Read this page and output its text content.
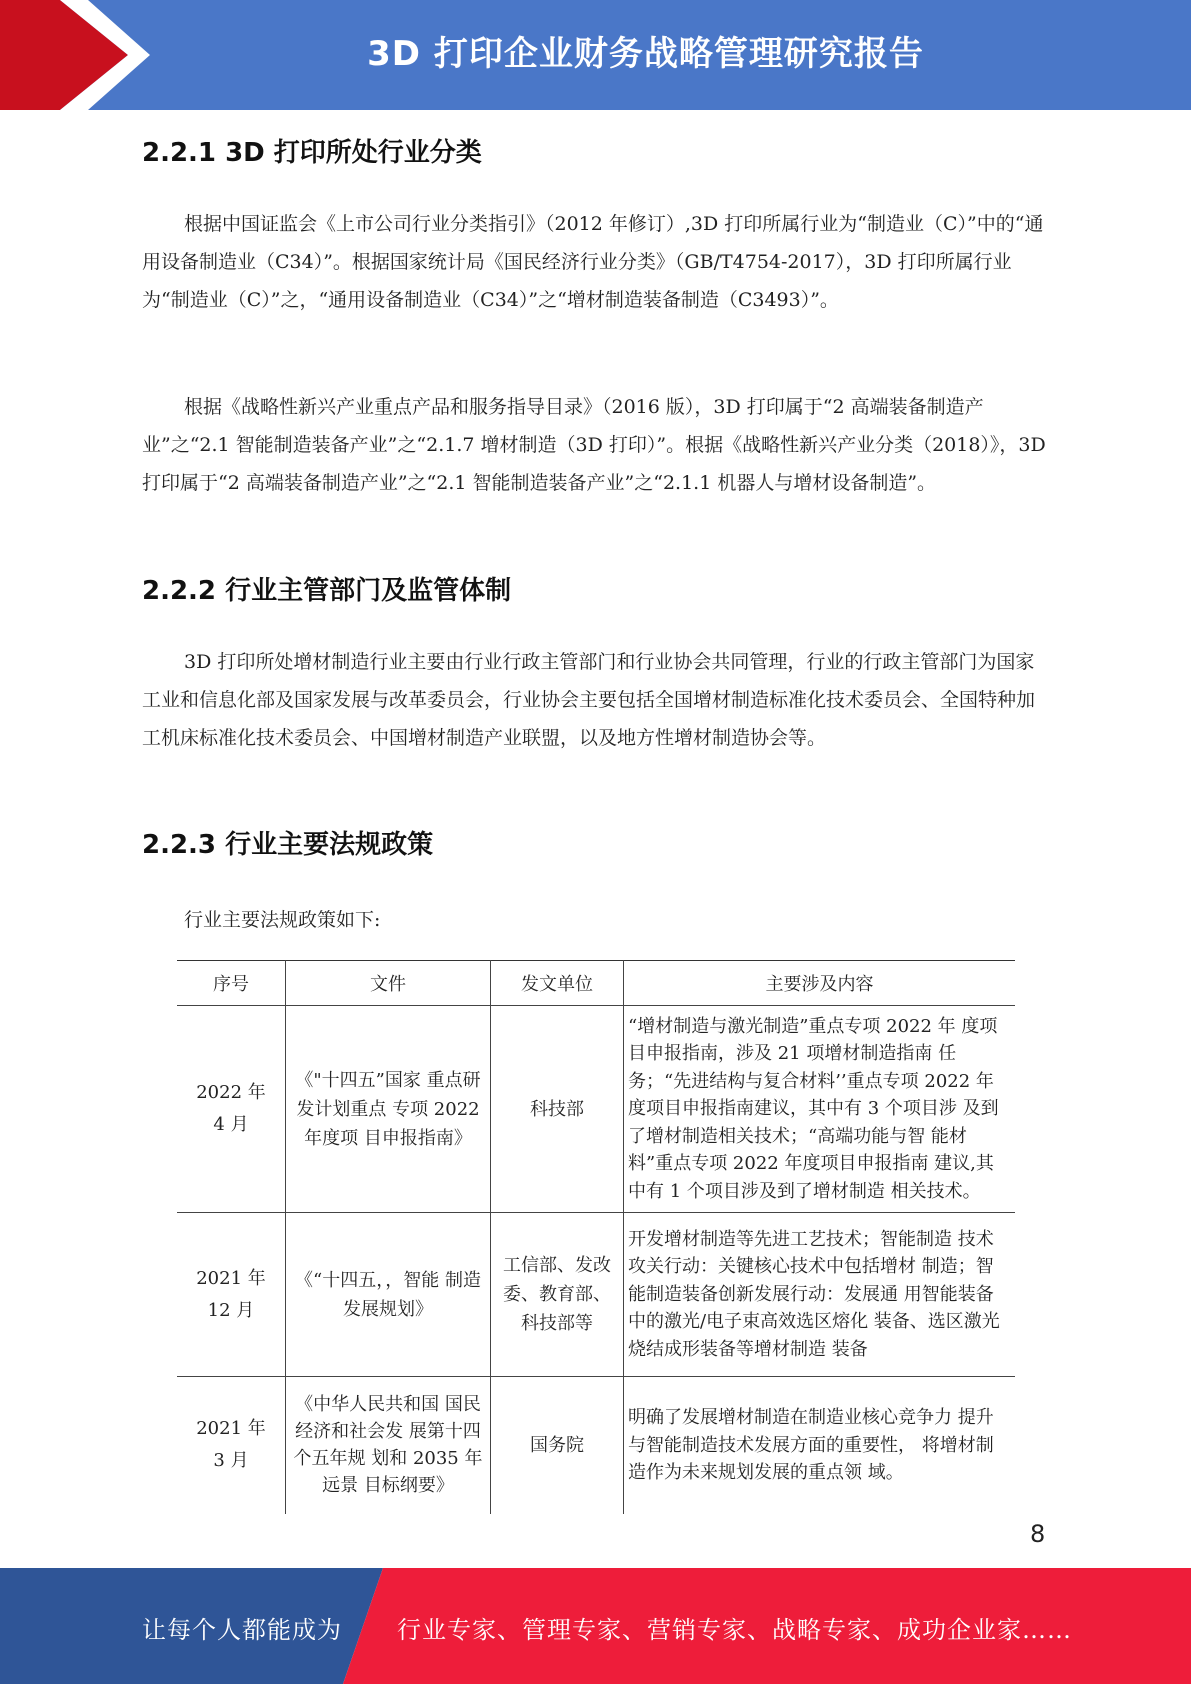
3D 打印企业财务战略管理研究报告
2.2.1 3D 打印所处行业分类

根据中国证监会《上市公司行业分类指引》（2012 年修订）,3D 打印所属行业为“制造业（C）”中的“通用设备制造业（C34）”。根据国家统计局《国民经济行业分类》（GB/T4754-2017），3D 打印所属行业为“制造业（C）”之，“通用设备制造业（C34）”之“增材制造装备制造（C3493）”。

根据《战略性新兴产业重点产品和服务指导目录》（2016 版），3D 打印属于“2 高端装备制造产业”之“2.1 智能制造装备产业”之“2.1.7 增材制造（3D 打印）”。根据《战略性新兴产业分类（2018）》，3D 打印属于“2 高端装备制造产业”之“2.1 智能制造装备产业”之“2.1.1 机器人与增材设备制造”。

2.2.2 行业主管部门及监管体制

3D 打印所处增材制造行业主要由行业行政主管部门和行业协会共同管理，行业的行政主管部门为国家工业和信息化部及国家发展与改革委员会，行业协会主要包括全国增材制造标准化技术委员会、全国特种加工机床标准化技术委员会、中国增材制造产业联盟，以及地方性增材制造协会等。

2.2.3 行业主要法规政策

行业主要法规政策如下:

序号	文件	发文单位	主要涉及内容
2022 年
4 月	《"十四五”国家 重点研发计划重点 专项 2022 年度项 目申报指南》	科技部	“增材制造与激光制造”重点专项 2022 年 度项目申报指南，涉及 21 项增材制造指南 任务；“先进结构与复合材料’’重点专项 2022 年 度项目申报指南建议，其中有 3 个项目涉 及到了增材制造相关技术；“高端功能与智 能材料”重点专项 2022 年度项目申报指南 建议,其中有 1 个项目涉及到了增材制造 相关技术。
2021 年
12 月	《“十四五，，智能 制造发展规划》	工信部、发改委、教育部、科技部等	开发增材制造等先进工艺技术；智能制造 技术攻关行动：关键核心技术中包括增材 制造；智能制造装备创新发展行动：发展通 用智能装备中的激光/电子束高效选区熔化 装备、选区激光烧结成形装备等增材制造 装备
2021 年
3 月	《中华人民共和国 国民经济和社会发 展第十四个五年规 划和 2035 年远景 目标纲要》	国务院	明确了发展增材制造在制造业核心竞争力 提升与智能制造技术发展方面的重要性， 将增材制造作为未来规划发展的重点领 域。
8
让每个人都能成为 行业专家、管理专家、营销专家、战略专家、成功企业家……
